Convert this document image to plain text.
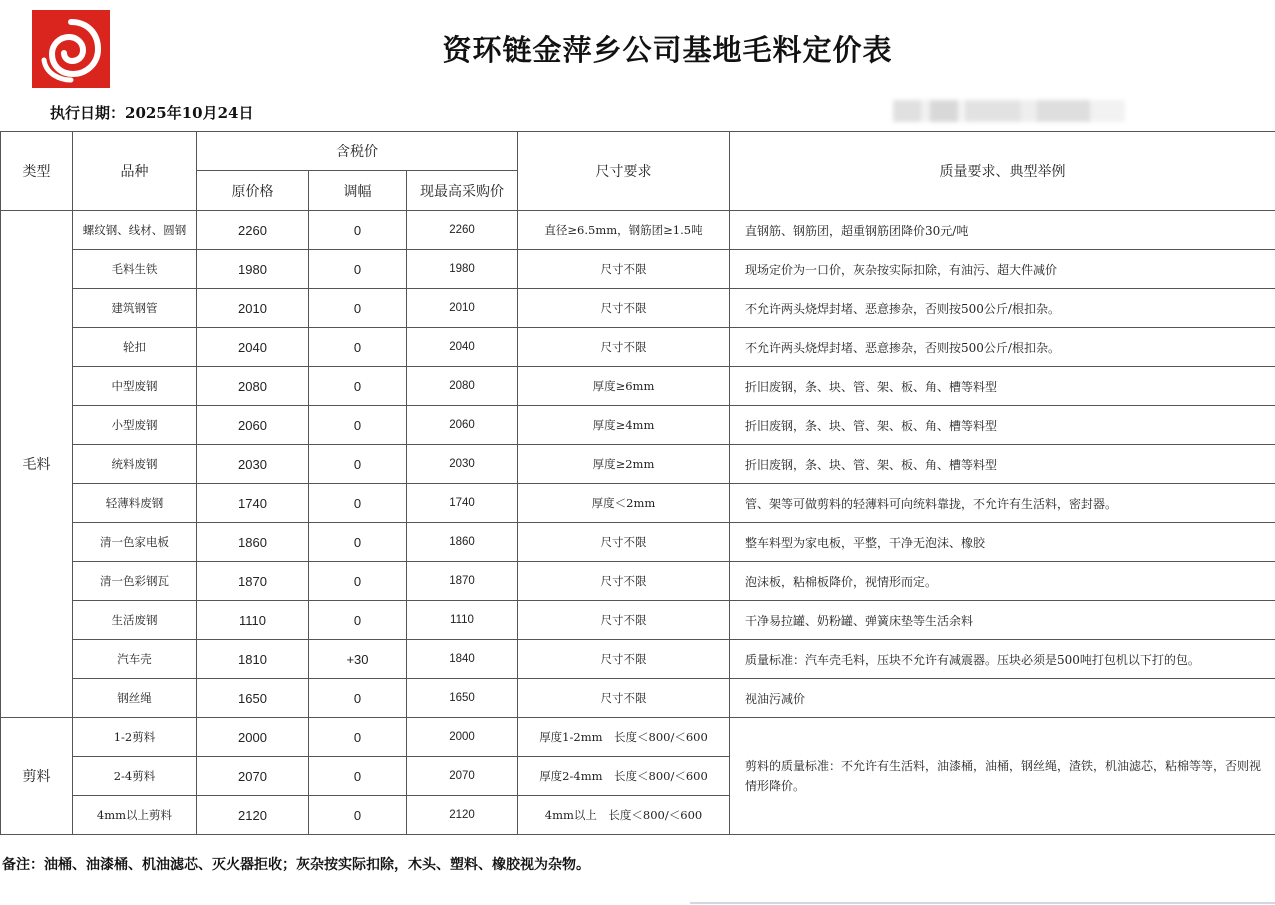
资环链金萍乡公司基地毛料定价表
执行日期：2025年10月24日
类型	品种	含税价			尺寸要求	质量要求、典型举例
		原价格	调幅	现最高采购价		
毛料	螺纹钢、线材、圆钢	2260	0	2260	直径≥6.5mm，钢筋团≥1.5吨	直钢筋、钢筋团，超重钢筋团降价30元/吨
	毛料生铁	1980	0	1980	尺寸不限	现场定价为一口价，灰杂按实际扣除，有油污、超大件减价
	建筑钢管	2010	0	2010	尺寸不限	不允许两头烧焊封堵、恶意掺杂，否则按500公斤/根扣杂。
	轮扣	2040	0	2040	尺寸不限	不允许两头烧焊封堵、恶意掺杂，否则按500公斤/根扣杂。
	中型废钢	2080	0	2080	厚度≥6mm	折旧废钢，条、块、管、架、板、角、槽等料型
	小型废钢	2060	0	2060	厚度≥4mm	折旧废钢，条、块、管、架、板、角、槽等料型
	统料废钢	2030	0	2030	厚度≥2mm	折旧废钢，条、块、管、架、板、角、槽等料型
	轻薄料废钢	1740	0	1740	厚度＜2mm	管、架等可做剪料的轻薄料可向统料靠拢，不允许有生活料，密封器。
	清一色家电板	1860	0	1860	尺寸不限	整车料型为家电板，平整，干净无泡沫、橡胶
	清一色彩钢瓦	1870	0	1870	尺寸不限	泡沫板，粘棉板降价，视情形而定。
	生活废钢	1110	0	1110	尺寸不限	干净易拉罐、奶粉罐、弹簧床垫等生活余料
	汽车壳	1810	+30	1840	尺寸不限	质量标准：汽车壳毛料，压块不允许有减震器。压块必须是500吨打包机以下打的包。
	钢丝绳	1650	0	1650	尺寸不限	视油污减价
剪料	1-2剪料	2000	0	2000	厚度1-2mm　长度＜800/＜600	剪料的质量标准：不允许有生活料，油漆桶，油桶，钢丝绳，渣铁，机油滤芯，粘棉等等，否则视情形降价。
	2-4剪料	2070	0	2070	厚度2-4mm　长度＜800/＜600	
	4mm以上剪料	2120	0	2120	4mm以上　长度＜800/＜600	
备注：油桶、油漆桶、机油滤芯、灭火器拒收；灰杂按实际扣除，木头、塑料、橡胶视为杂物。
